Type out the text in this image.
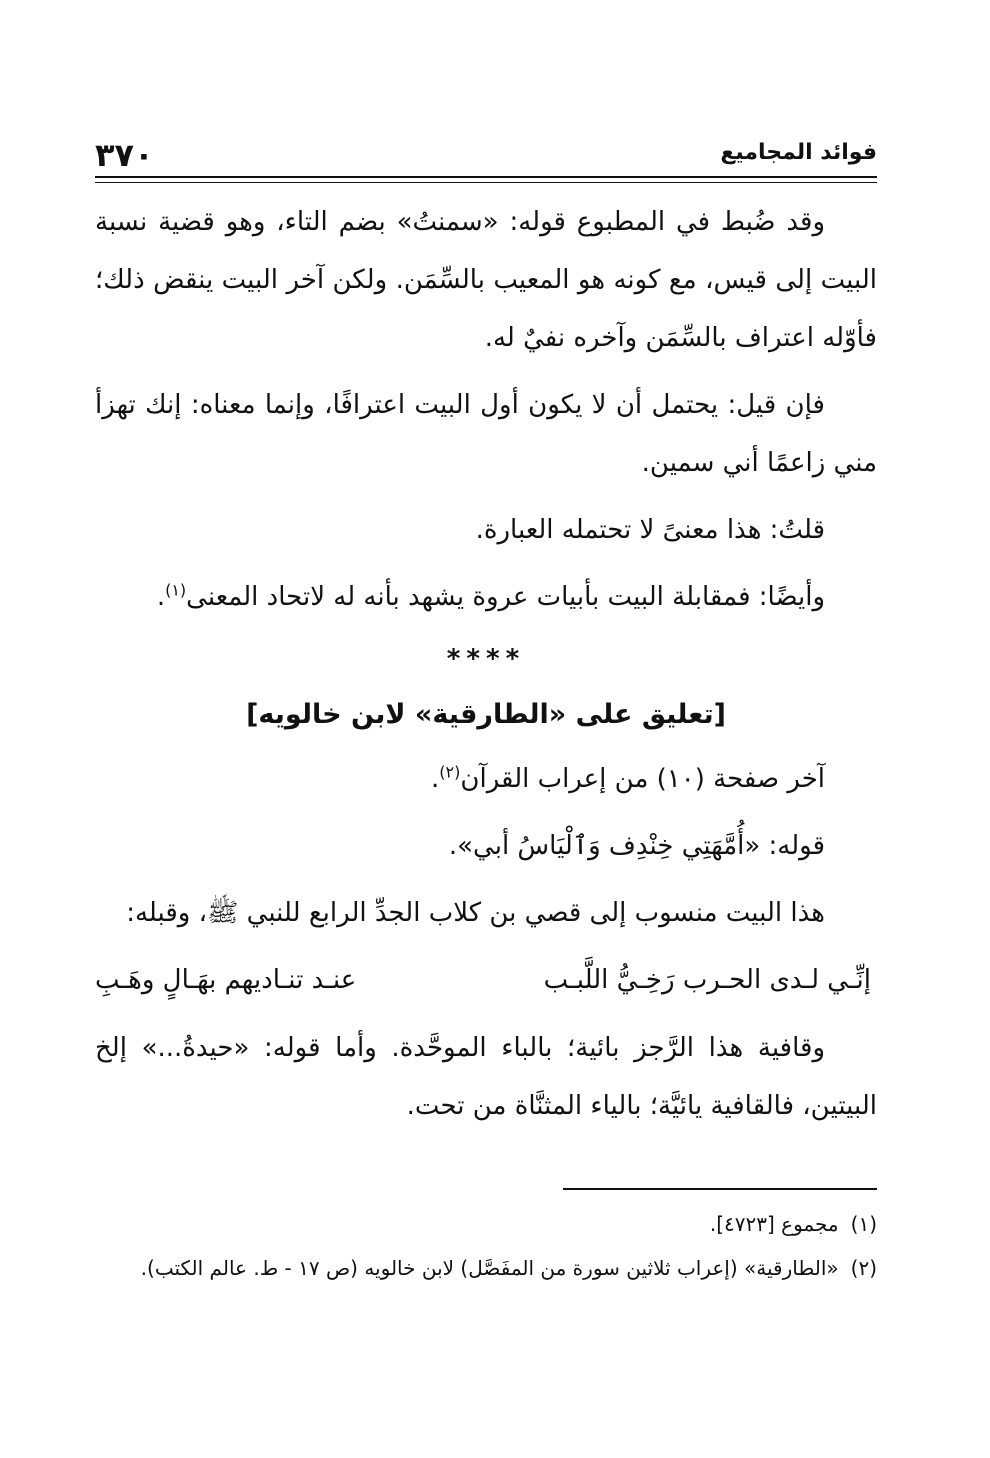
فوائد المجاميع
٣٧٠

وقد ضُبط في المطبوع قوله: «سمنتُ» بضم التاء، وهو قضية نسبة البيت إلى قيس، مع كونه هو المعيب بالسِّمَن. ولكن آخر البيت ينقض ذلك؛ فأوّله اعتراف بالسِّمَن وآخره نفيٌ له.

فإن قيل: يحتمل أن لا يكون أول البيت اعترافًا، وإنما معناه: إنك تهزأ مني زاعمًا أني سمين.

قلتُ: هذا معنىً لا تحتمله العبارة.

وأيضًا: فمقابلة البيت بأبيات عروة يشهد بأنه له لاتحاد المعنى$^{(١)}$.

****
[تعليق على «الطارقية» لابن خالويه]

آخر صفحة (١٠) من إعراب القرآن$^{(٢)}$.

قوله: «أُمَّهَتِي خِنْدِف وَٱلْيَاسُ أبي».

هذا البيت منسوب إلى قصي بن كلاب الجدِّ الرابع للنبي ﷺ، وقبله:

إنِّـي لـدى الحـرب رَخِـيُّ اللَّبـب
عنـد تنـاديهم بهَـالٍ وهَـبِ

وقافية هذا الرَّجز بائية؛ بالباء الموحَّدة. وأما قوله: «حيدةُ...» إلخ البيتين، فالقافية يائيَّة؛ بالياء المثنَّاة من تحت.

(١)مجموع [٤٧٢٣].

(٢)«الطارقية» (إعراب ثلاثين سورة من المفَصَّل) لابن خالويه (ص ١٧ - ط. عالم الكتب).
